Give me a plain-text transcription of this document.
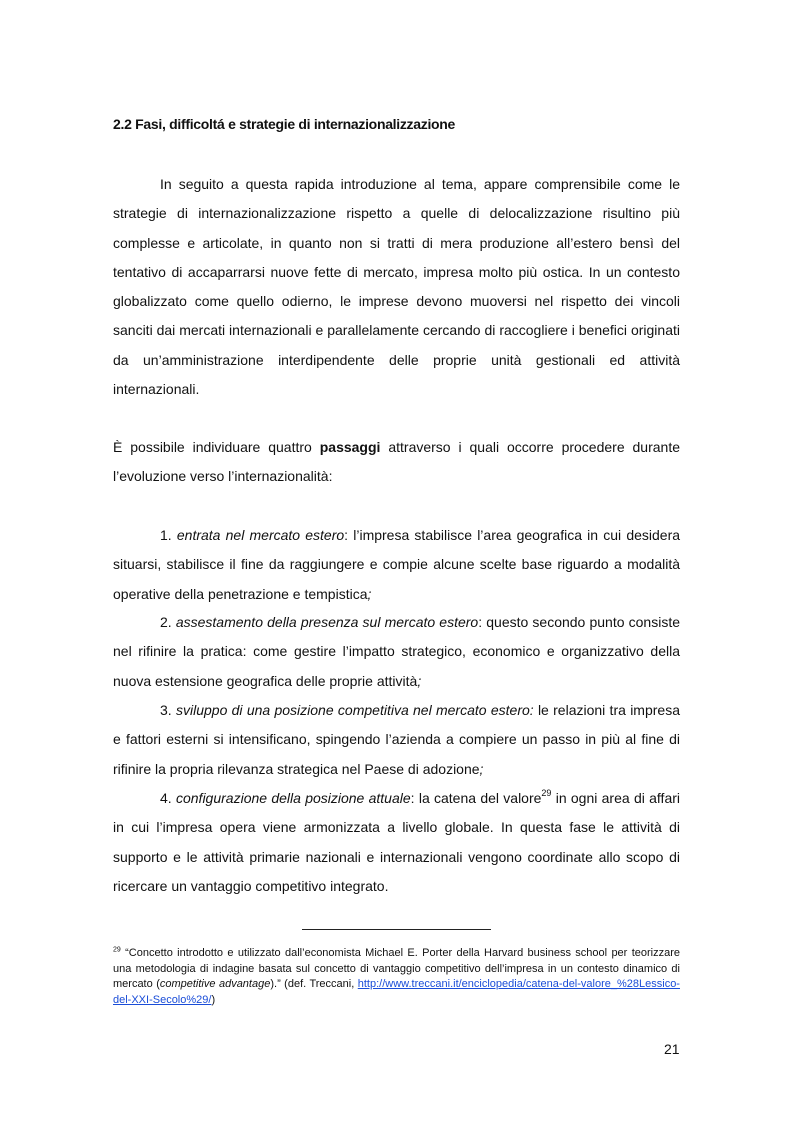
2.2 Fasi, difficoltá e strategie di internazionalizzazione

In seguito a questa rapida introduzione al tema, appare comprensibile come le strategie di internazionalizzazione rispetto a quelle di delocalizzazione risultino più complesse e articolate, in quanto non si tratti di mera produzione all’estero bensì del tentativo di accaparrarsi nuove fette di mercato, impresa molto più ostica. In un contesto globalizzato come quello odierno, le imprese devono muoversi nel rispetto dei vincoli sanciti dai mercati internazionali e parallelamente cercando di raccogliere i benefici originati da un’amministrazione interdipendente delle proprie unità gestionali ed attività internazionali.

È possibile individuare quattro passaggi attraverso i quali occorre procedere durante l’evoluzione verso l’internazionalità:

1. entrata nel mercato estero: l’impresa stabilisce l’area geografica in cui desidera situarsi, stabilisce il fine da raggiungere e compie alcune scelte base riguardo a modalità operative della penetrazione e tempistica;

2. assestamento della presenza sul mercato estero: questo secondo punto consiste nel rifinire la pratica: come gestire l’impatto strategico, economico e organizzativo della nuova estensione geografica delle proprie attività;

3. sviluppo di una posizione competitiva nel mercato estero: le relazioni tra impresa e fattori esterni si intensificano, spingendo l’azienda a compiere un passo in più al fine di rifinire la propria rilevanza strategica nel Paese di adozione;

4. configurazione della posizione attuale: la catena del valore$^{29}$ in ogni area di affari in cui l’impresa opera viene armonizzata a livello globale. In questa fase le attività di supporto e le attività primarie nazionali e internazionali vengono coordinate allo scopo di ricercare un vantaggio competitivo integrato.

$^{29}$ “Concetto introdotto e utilizzato dall’economista Michael E. Porter della Harvard business school per teorizzare una metodologia di indagine basata sul concetto di vantaggio competitivo dell’impresa in un contesto dinamico di mercato (competitive advantage).” (def. Treccani, http://www.treccani.it/enciclopedia/catena-del-valore_%28Lessico-del-XXI-Secolo%29/)

21
